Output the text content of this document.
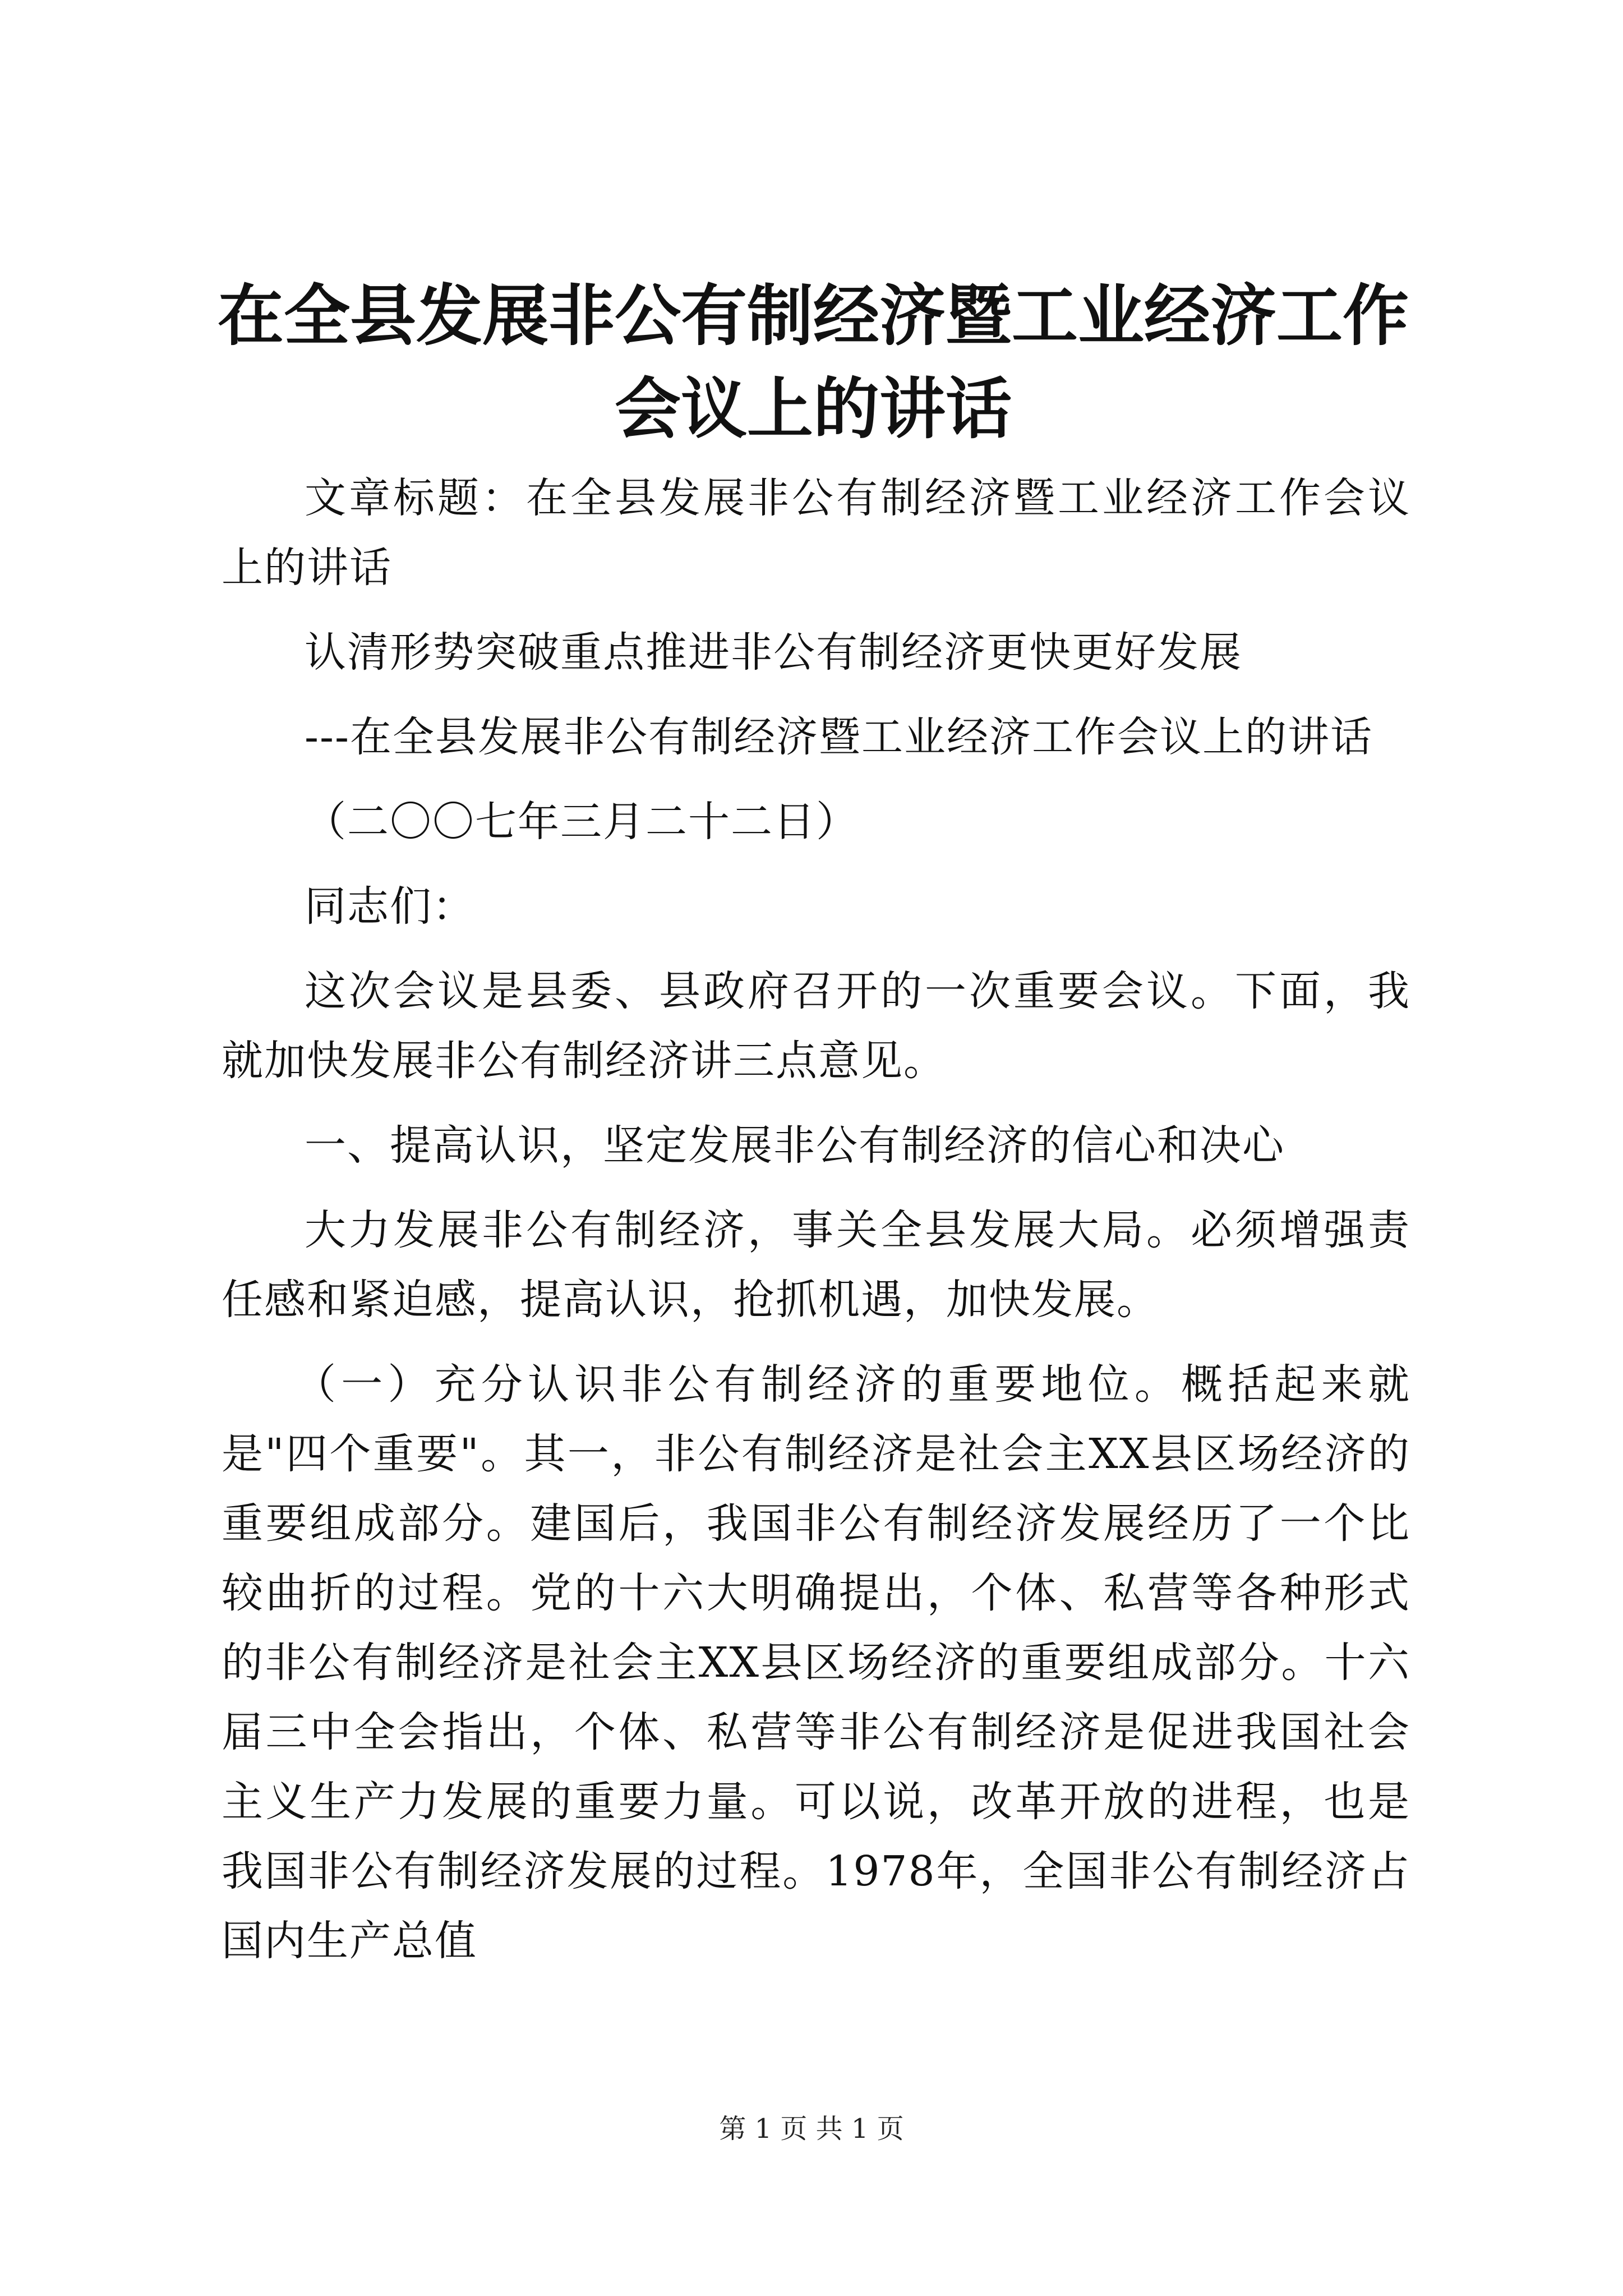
在全县发展非公有制经济暨工业经济工作会议上的讲话

文章标题：在全县发展非公有制经济暨工业经济工作会议上的讲话

认清形势突破重点推进非公有制经济更快更好发展

---在全县发展非公有制经济暨工业经济工作会议上的讲话

（二〇〇七年三月二十二日）

同志们：

这次会议是县委、县政府召开的一次重要会议。下面，我就加快发展非公有制经济讲三点意见。

一、提高认识，坚定发展非公有制经济的信心和决心

大力发展非公有制经济，事关全县发展大局。必须增强责任感和紧迫感，提高认识，抢抓机遇，加快发展。

（一）充分认识非公有制经济的重要地位。概括起来就是"四个重要"。其一，非公有制经济是社会主XX县区场经济的重要组成部分。建国后，我国非公有制经济发展经历了一个比较曲折的过程。党的十六大明确提出，个体、私营等各种形式的非公有制经济是社会主XX县区场经济的重要组成部分。十六届三中全会指出，个体、私营等非公有制经济是促进我国社会主义生产力发展的重要力量。可以说，改革开放的进程，也是我国非公有制经济发展的过程。1978年，全国非公有制经济占国内生产总值

第 1 页 共 1 页
